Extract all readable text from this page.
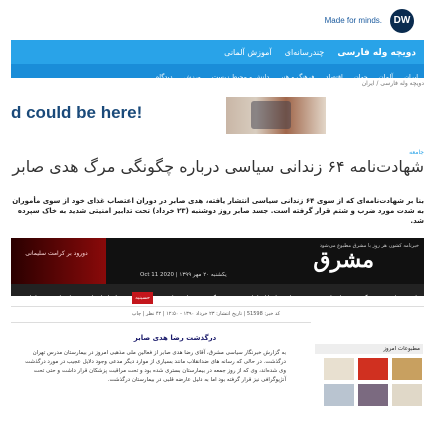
Made for minds.	DW
دویچه وله فارسی چندرسانه‌ای آموزش آلمانی
ایران آلمان جهان اقتصاد فرهنگ و هنر دانش و محیط زیست ورزش دیدگاه
دویچه وله فارسی / ایران
d could be here!
جامعه
شهادت‌نامه ۶۴ زندانی سیاسی درباره چگونگی مرگ هدی صابر
بنا بر شهادت‌نامه‌ای که از سوی ۶۴ زندانی سیاسی انتشار یافته، هدی صابر در دوران اعتصاب غذای خود از سوی مأموران به شدت مورد ضرب و شتم قرار گرفته است. جسد صابر روز دوشنبه (۲۳ خرداد) تحت تدابیر امنیتی شدید به خاک سپرده شد.
دورود بر کرامت سلیمانی	مشرق
خبرنامه کشور، هر روز با مشرق مطبوع می‌شود
Oct 11 2020 | یکشنبه ۲۰ مهر ۱۳۹۹
خانه سیاست فرهنگ و هنر اقتصاد ورزش جهان انتخابات ایران ویژه جنگ نرم جهاد و مقاومت حسینیه شبکه‌های اجتماعی دفاع و امنیت خانواده
کد خبر: 51598 | تاریخ انتشار: ۲۳ خرداد ۱۳۹۰ - ۱۲:۵۰ | ۴۲ نظر | چاپ
درگذشت رضا هدی صابر
به گزارش خبرنگار سیاسی مشرق، آقای رضا هدی صابر از فعالین ملی مذهبی امروز در بیمارستان مدرس تهران درگذشت. در حالی که رسانه های ضدانقلاب مانند بسیاری از موارد دیگر مدعی وجود دلایل عجیب در مورد درگذشت وی شده‌اند، وی که از روز جمعه در بیمارستان بستری شده بود و تحت مراقبت پزشکان قرار داشت و حتی تحت آنژیوگرافی نیز قرار گرفته بود اما به دلیل عارضه قلبی در بیمارستان درگذشت.
مطبوعات امروز
